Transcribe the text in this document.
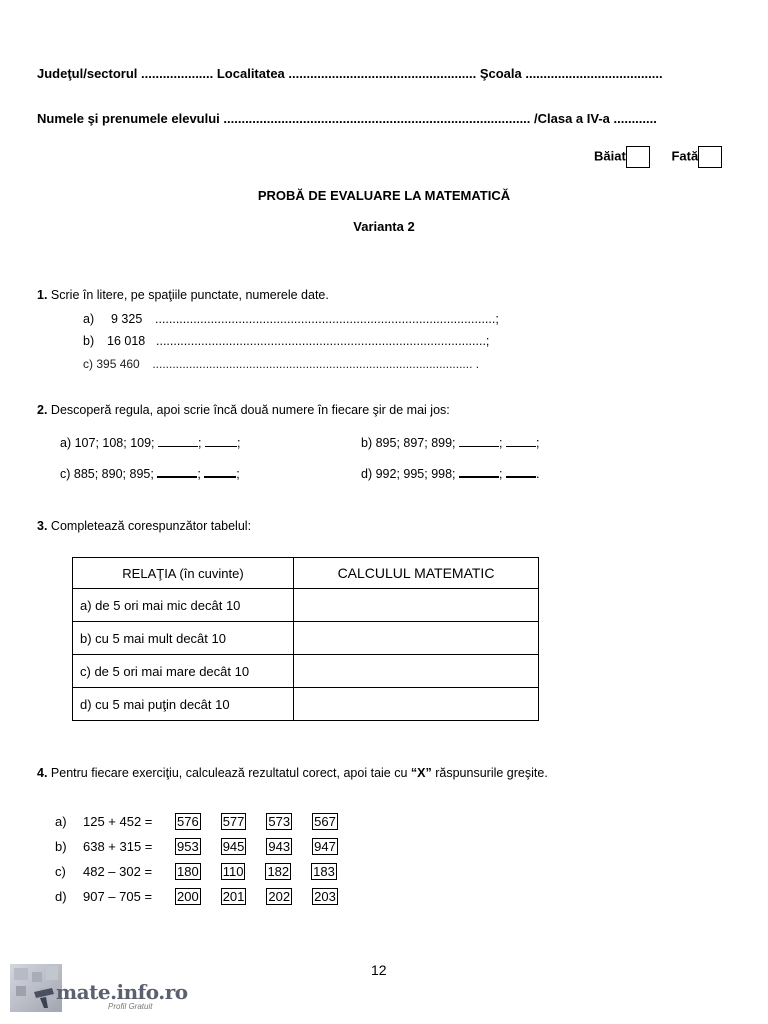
Judeţul/sectorul .................... Localitatea .................................................... Şcoala ......................................
Numele şi prenumele elevului ..................................................................................... /Clasa a IV-a ............
Băiat	Fată
PROBĂ DE EVALUARE LA MATEMATICĂ
Varianta 2
1. Scrie în litere, pe spaţiile punctate, numerele date.
a) 9 325 ..................................................................................................;
b) 16 018 ...............................................................................................;
c) 395 460 ................................................................................................ .
2. Descoperă regula, apoi scrie încă două numere în fiecare şir de mai jos:
a) 107; 108; 109;	;	;	b) 895; 897; 899;	;	;
c) 885; 890; 895;	;	;	d) 992; 995; 998;	;	.
3. Completează corespunzător tabelul:
RELAŢIA (în cuvinte)	CALCULUL MATEMATIC
a) de 5 ori mai mic decât 10	
b) cu 5 mai mult decât 10	
c) de 5 ori mai mare decât 10	
d) cu 5 mai puţin decât 10	
4. Pentru fiecare exerciţiu, calculează rezultatul corect, apoi taie cu “X” răspunsurile greşite.
a) 125 + 452 = 576 577 573 567
b) 638 + 315 = 953 945 943 947
c) 482 – 302 = 180 110 182 183
d) 907 – 705 = 200 201 202 203
12
mate.info.ro
Profil Gratuit
